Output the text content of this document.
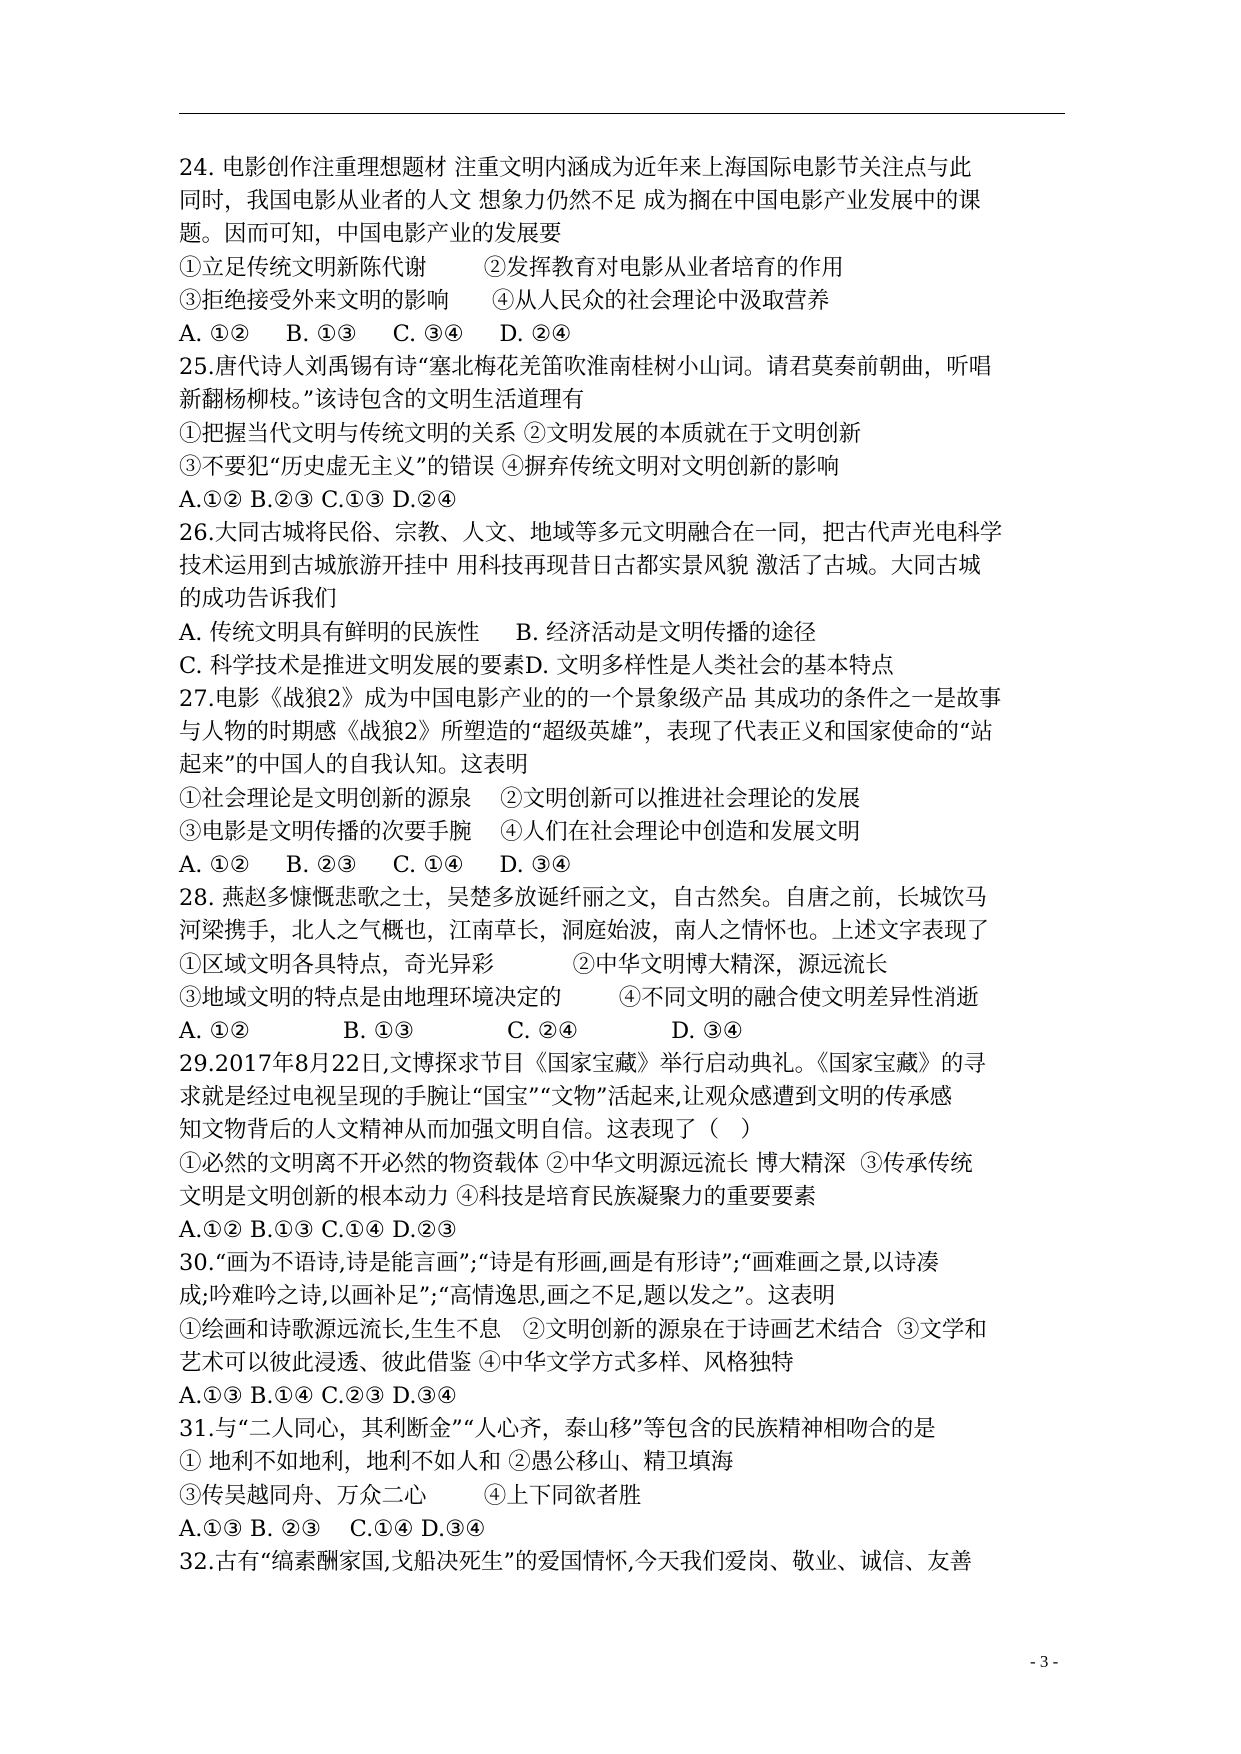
24. 电影创作注重理想题材 注重文明内涵成为近年来上海国际电影节关注点与此
同时，我国电影从业者的人文 想象力仍然不足 成为搁在中国电影产业发展中的课
题。因而可知，中国电影产业的发展要
①立足传统文明新陈代谢        ②发挥教育对电影从业者培育的作用
③拒绝接受外来文明的影响      ④从人民众的社会理论中汲取营养
A. ①②     B. ①③     C. ③④     D. ②④
25.唐代诗人刘禹锡有诗“塞北梅花羌笛吹淮南桂树小山词。请君莫奏前朝曲，听唱
新翻杨柳枝。”该诗包含的文明生活道理有
①把握当代文明与传统文明的关系 ②文明发展的本质就在于文明创新
③不要犯“历史虚无主义”的错误 ④摒弃传统文明对文明创新的影响
A.①② B.②③ C.①③ D.②④
26.大同古城将民俗、宗教、人文、地域等多元文明融合在一同，把古代声光电科学
技术运用到古城旅游开挂中 用科技再现昔日古都实景风貌 激活了古城。大同古城
的成功告诉我们
A. 传统文明具有鲜明的民族性     B. 经济活动是文明传播的途径
C. 科学技术是推进文明发展的要素D. 文明多样性是人类社会的基本特点
27.电影《战狼2》成为中国电影产业的的一个景象级产品 其成功的条件之一是故事
与人物的时期感《战狼2》所塑造的“超级英雄”，表现了代表正义和国家使命的“站
起来”的中国人的自我认知。这表明
①社会理论是文明创新的源泉    ②文明创新可以推进社会理论的发展
③电影是文明传播的次要手腕    ④人们在社会理论中创造和发展文明
A. ①②     B. ②③     C. ①④     D. ③④
28. 燕赵多慷慨悲歌之士，吴楚多放诞纤丽之文，自古然矣。自唐之前，长城饮马
河梁携手，北人之气概也，江南草长，洞庭始波，南人之情怀也。上述文字表现了
①区域文明各具特点，奇光异彩           ②中华文明博大精深，源远流长
③地域文明的特点是由地理环境决定的        ④不同文明的融合使文明差异性消逝
A. ①②             B. ①③             C. ②④             D. ③④
29.2017年8月22日,文博探求节目《国家宝藏》举行启动典礼。《国家宝藏》的寻
求就是经过电视呈现的手腕让“国宝”“文物”活起来,让观众感遭到文明的传承感
知文物背后的人文精神从而加强文明自信。这表现了（   ）
①必然的文明离不开必然的物资载体 ②中华文明源远流长 博大精深  ③传承传统
文明是文明创新的根本动力 ④科技是培育民族凝聚力的重要要素
A.①② B.①③ C.①④ D.②③
30.“画为不语诗,诗是能言画”;“诗是有形画,画是有形诗”;“画难画之景,以诗凑
成;吟难吟之诗,以画补足”;“高情逸思,画之不足,题以发之”。这表明
①绘画和诗歌源远流长,生生不息   ②文明创新的源泉在于诗画艺术结合  ③文学和
艺术可以彼此浸透、彼此借鉴 ④中华文学方式多样、风格独特
A.①③ B.①④ C.②③ D.③④
31.与“二人同心，其利断金”“人心齐，泰山移”等包含的民族精神相吻合的是
① 地利不如地利，地利不如人和 ②愚公移山、精卫填海
③传吴越同舟、万众二心        ④上下同欲者胜
A.①③ B. ②③    C.①④ D.③④
32.古有“缟素酬家国,戈船决死生”的爱国情怀,今天我们爱岗、敬业、诚信、友善
- 3 -
